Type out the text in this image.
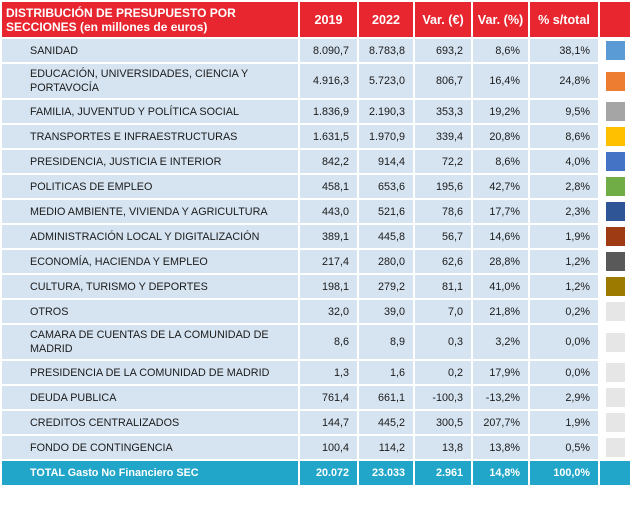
DISTRIBUCIÓN DE PRESUPUESTO POR SECCIONES (en millones de euros)	2019	2022	Var. (€)	Var. (%)	% s/total	
SANIDAD	8.090,7	8.783,8	693,2	8,6%	38,1%	

EDUCACIÓN, UNIVERSIDADES, CIENCIA Y PORTAVOCÍA	4.916,3	5.723,0	806,7	16,4%	24,8%	

FAMILIA, JUVENTUD Y POLÍTICA SOCIAL	1.836,9	2.190,3	353,3	19,2%	9,5%	

TRANSPORTES E INFRAESTRUCTURAS	1.631,5	1.970,9	339,4	20,8%	8,6%	

PRESIDENCIA, JUSTICIA E INTERIOR	842,2	914,4	72,2	8,6%	4,0%	

POLITICAS DE EMPLEO	458,1	653,6	195,6	42,7%	2,8%	

MEDIO AMBIENTE, VIVIENDA Y AGRICULTURA	443,0	521,6	78,6	17,7%	2,3%	

ADMINISTRACIÓN LOCAL Y DIGITALIZACIÓN	389,1	445,8	56,7	14,6%	1,9%	

ECONOMÍA, HACIENDA Y EMPLEO	217,4	280,0	62,6	28,8%	1,2%	

CULTURA, TURISMO Y DEPORTES	198,1	279,2	81,1	41,0%	1,2%	

OTROS	32,0	39,0	7,0	21,8%	0,2%	

CAMARA DE CUENTAS DE LA COMUNIDAD DE MADRID	8,6	8,9	0,3	3,2%	0,0%	

PRESIDENCIA DE LA COMUNIDAD DE MADRID	1,3	1,6	0,2	17,9%	0,0%	

DEUDA PUBLICA	761,4	661,1	-100,3	-13,2%	2,9%	

CREDITOS CENTRALIZADOS	144,7	445,2	300,5	207,7%	1,9%	

FONDO DE CONTINGENCIA	100,4	114,2	13,8	13,8%	0,5%	

TOTAL Gasto No Financiero SEC	20.072	23.033	2.961	14,8%	100,0%	
